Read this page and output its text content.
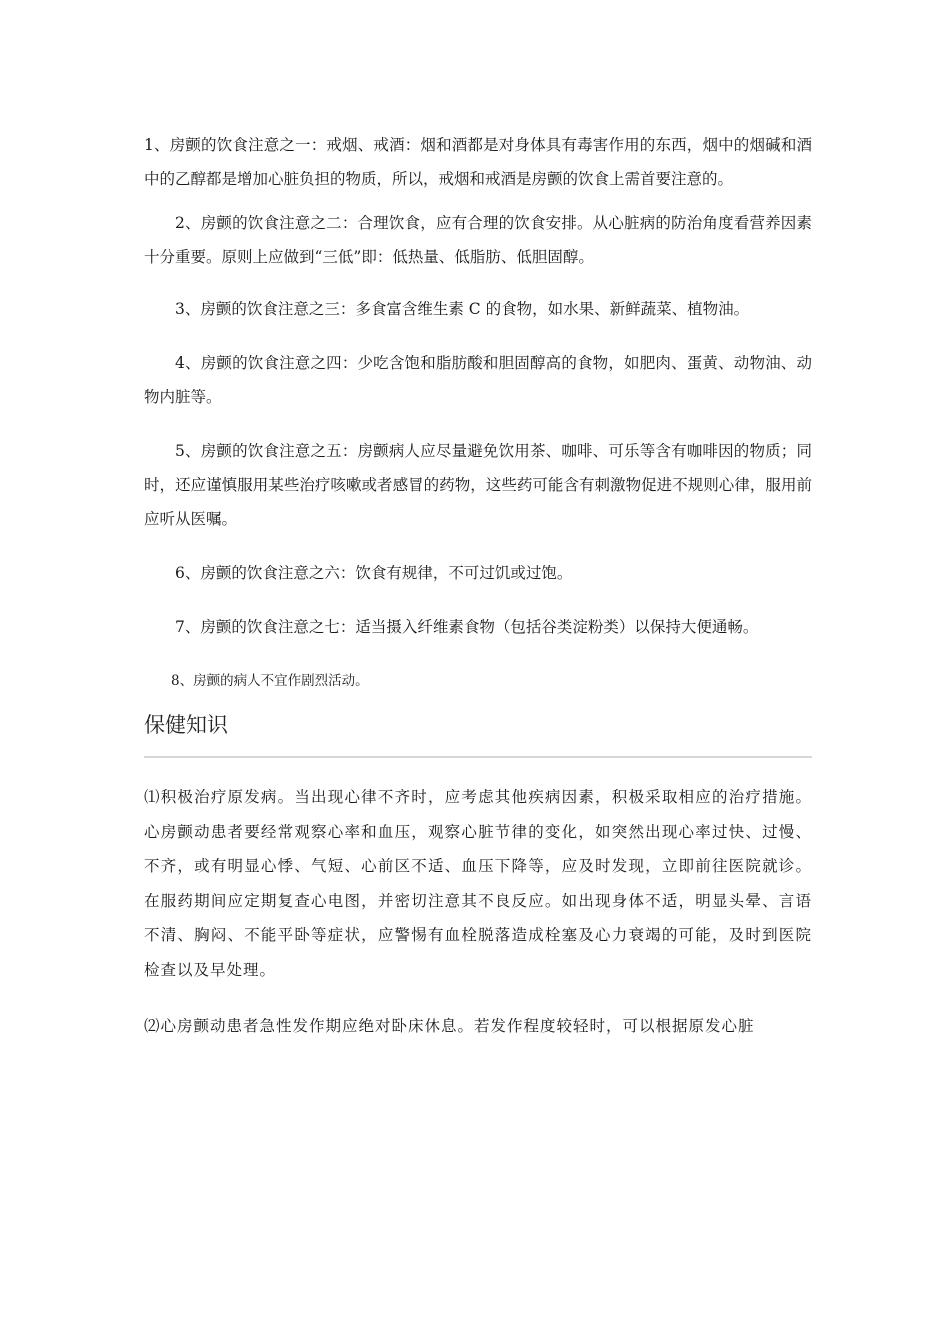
1、房颤的饮食注意之一：戒烟、戒酒：烟和酒都是对身体具有毒害作用的东西，烟中的烟碱和酒中的乙醇都是增加心脏负担的物质，所以，戒烟和戒酒是房颤的饮食上需首要注意的。

2、房颤的饮食注意之二：合理饮食，应有合理的饮食安排。从心脏病的防治角度看营养因素十分重要。原则上应做到“三低”即：低热量、低脂肪、低胆固醇。

3、房颤的饮食注意之三：多食富含维生素 C 的食物，如水果、新鲜蔬菜、植物油。

4、房颤的饮食注意之四：少吃含饱和脂肪酸和胆固醇高的食物，如肥肉、蛋黄、动物油、动物内脏等。

5、房颤的饮食注意之五：房颤病人应尽量避免饮用茶、咖啡、可乐等含有咖啡因的物质；同时，还应谨慎服用某些治疗咳嗽或者感冒的药物，这些药可能含有刺激物促进不规则心律，服用前应听从医嘱。

6、房颤的饮食注意之六：饮食有规律，不可过饥或过饱。

7、房颤的饮食注意之七：适当摄入纤维素食物（包括谷类淀粉类）以保持大便通畅。

8、房颤的病人不宜作剧烈活动。

保健知识

⑴积极治疗原发病。当出现心律不齐时，应考虑其他疾病因素，积极采取相应的治疗措施。心房颤动患者要经常观察心率和血压，观察心脏节律的变化，如突然出现心率过快、过慢、不齐，或有明显心悸、气短、心前区不适、血压下降等，应及时发现，立即前往医院就诊。在服药期间应定期复查心电图，并密切注意其不良反应。如出现身体不适，明显头晕、言语不清、胸闷、不能平卧等症状，应警惕有血栓脱落造成栓塞及心力衰竭的可能，及时到医院检查以及早处理。

⑵心房颤动患者急性发作期应绝对卧床休息。若发作程度较轻时，可以根据原发心脏
